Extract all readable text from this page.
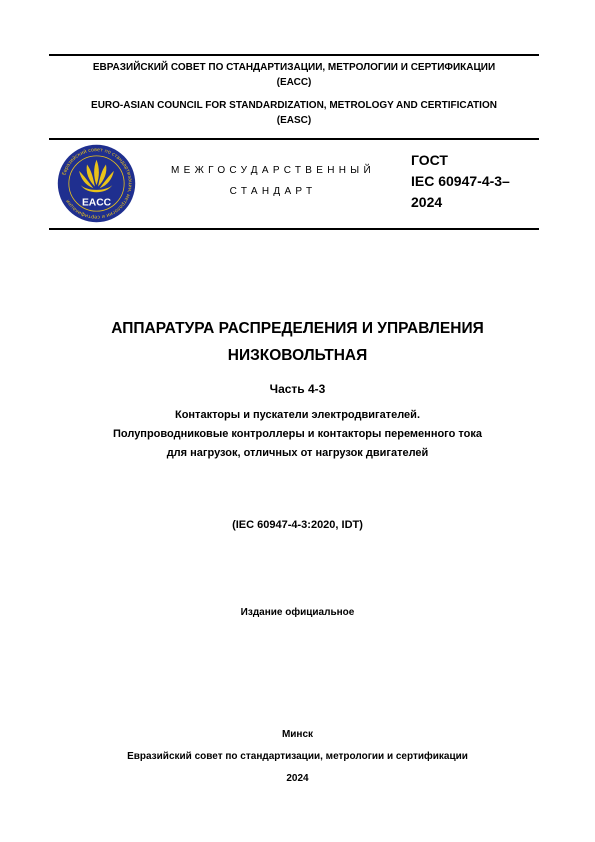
ЕВРАЗИЙСКИЙ СОВЕТ ПО СТАНДАРТИЗАЦИИ, МЕТРОЛОГИИ И СЕРТИФИКАЦИИ
(ЕАСС)
EURO-ASIAN COUNCIL FOR STANDARDIZATION, METROLOGY AND CERTIFICATION
(EASC)
Евразийский совет по стандартизации, метрологии и сертификации EACC
МЕЖГОСУДАРСТВЕННЫЙ
СТАНДАРТ
ГОСТ
IEC 60947-4-3–
2024
АППАРАТУРА РАСПРЕДЕЛЕНИЯ И УПРАВЛЕНИЯ
НИЗКОВОЛЬТНАЯ
Часть 4-3
Контакторы и пускатели электродвигателей.
Полупроводниковые контроллеры и контакторы переменного тока
для нагрузок, отличных от нагрузок двигателей
(IEC 60947-4-3:2020, IDT)
Издание официальное
Минск
Евразийский совет по стандартизации, метрологии и сертификации
2024
